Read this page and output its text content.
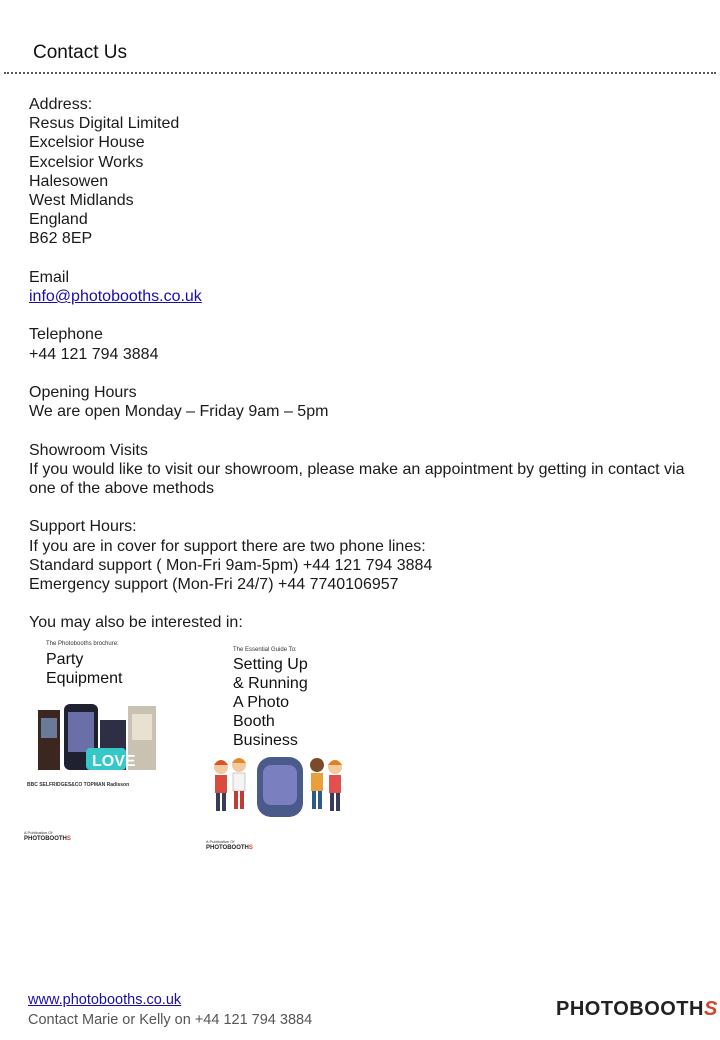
Contact Us
Address:
Resus Digital Limited
Excelsior House
Excelsior Works
Halesowen
West Midlands
England
B62 8EP
Email
info@photobooths.co.uk
Telephone
+44 121 794 3884
Opening Hours
We are open Monday – Friday 9am – 5pm
Showroom Visits
If you would like to visit our showroom, please make an appointment by getting in contact via one of the above methods
Support Hours:
If you are in cover for support there are two phone lines:
Standard support ( Mon-Fri 9am-5pm) +44 121 794 3884
Emergency support (Mon-Fri 24/7) +44 7740106957
You may also be interested in:
The Photobooths brochure:
Party
Equipment
LOVE
BBC SELFRIDGES&CO TOPMAN Radisson
A Publication Of
PHOTOBOOTHS
The Essential Guide To:
Setting Up
& Running
A Photo
Booth
Business
A Publication Of
PHOTOBOOTHS
www.photobooths.co.uk
Contact Marie or Kelly on +44 121 794 3884	PHOTOBOOTHS
